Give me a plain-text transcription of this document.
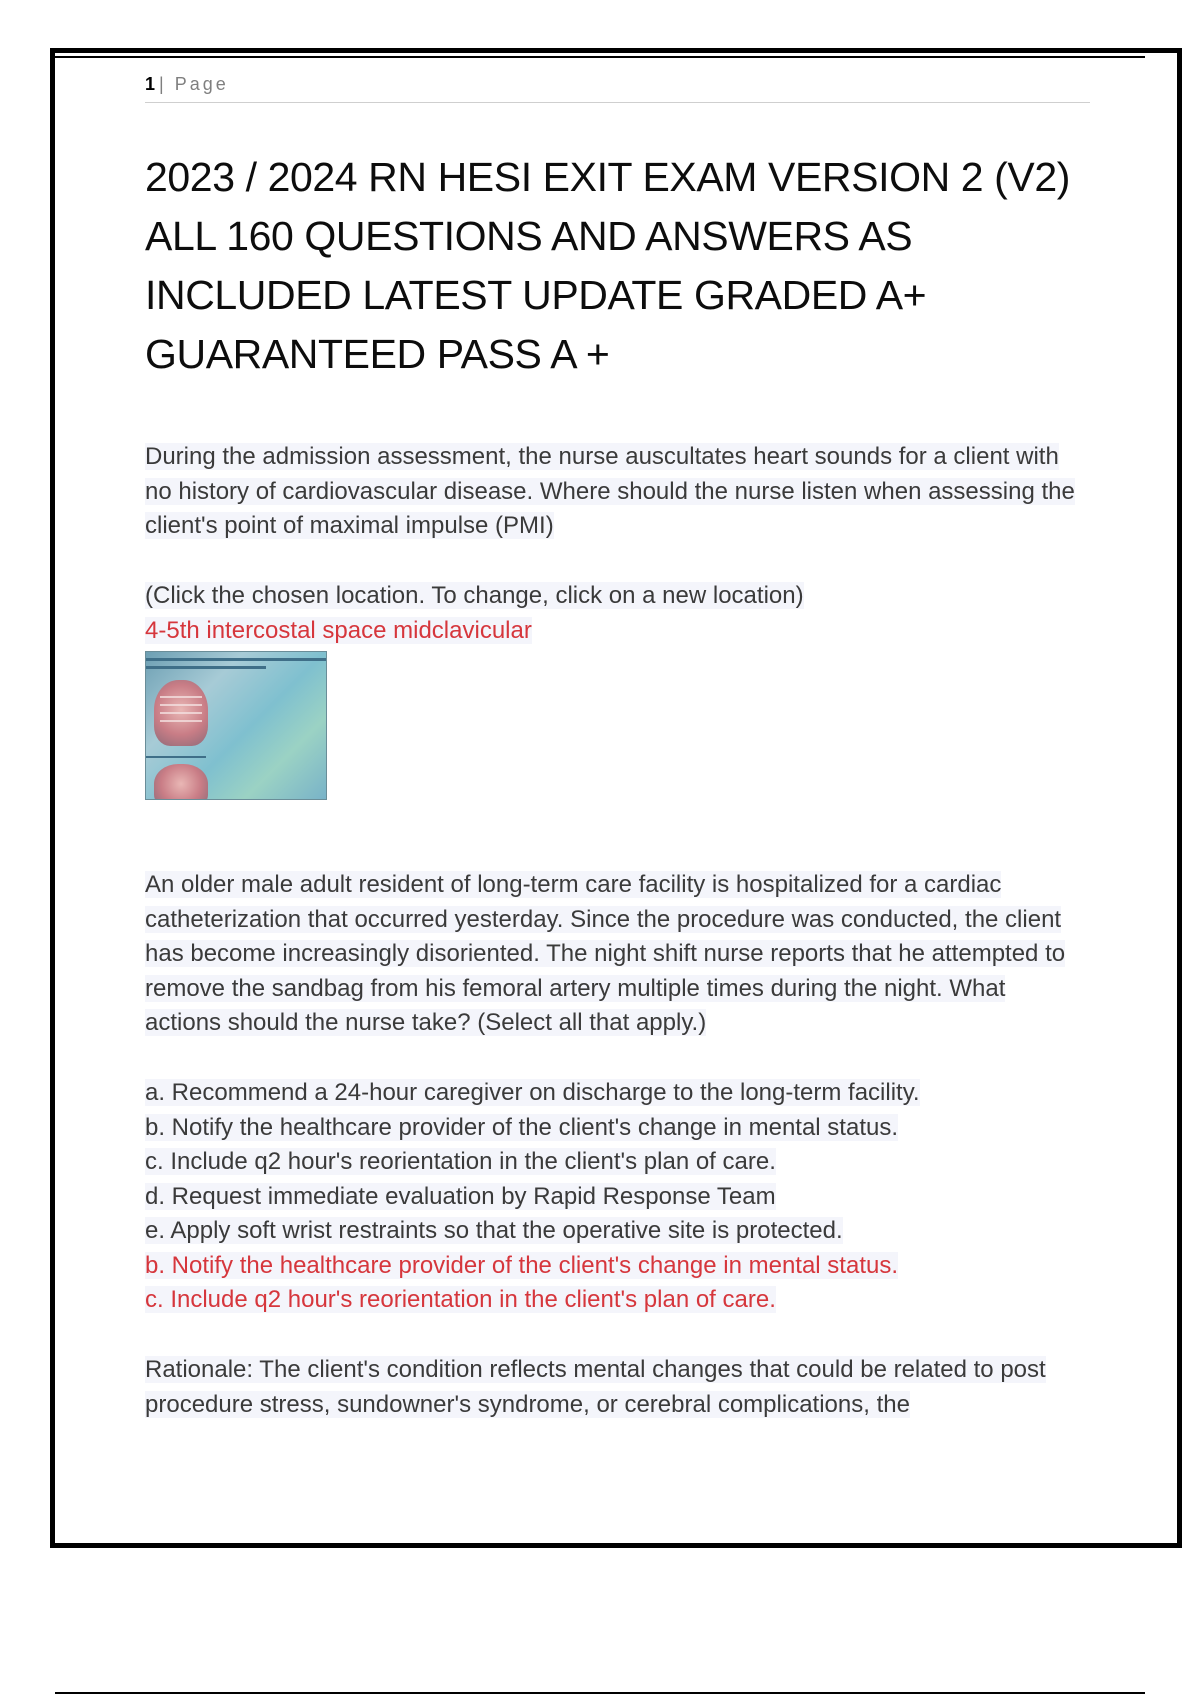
1 | Page
2023 / 2024 RN HESI EXIT EXAM VERSION 2 (V2) ALL 160 QUESTIONS AND ANSWERS AS INCLUDED LATEST UPDATE GRADED A+ GUARANTEED PASS A +

During the admission assessment, the nurse auscultates heart sounds for a client with no history of cardiovascular disease. Where should the nurse listen when assessing the client's point of maximal impulse (PMI)

(Click the chosen location. To change, click on a new location)

4-5th intercostal space midclavicular

An older male adult resident of long-term care facility is hospitalized for a cardiac catheterization that occurred yesterday. Since the procedure was conducted, the client has become increasingly disoriented. The night shift nurse reports that he attempted to remove the sandbag from his femoral artery multiple times during the night. What actions should the nurse take? (Select all that apply.)

a. Recommend a 24-hour caregiver on discharge to the long-term facility.

b. Notify the healthcare provider of the client's change in mental status.

c. Include q2 hour's reorientation in the client's plan of care.

d. Request immediate evaluation by Rapid Response Team

e. Apply soft wrist restraints so that the operative site is protected.

b. Notify the healthcare provider of the client's change in mental status.

c. Include q2 hour's reorientation in the client's plan of care.

Rationale: The client's condition reflects mental changes that could be related to post procedure stress, sundowner's syndrome, or cerebral complications, the
